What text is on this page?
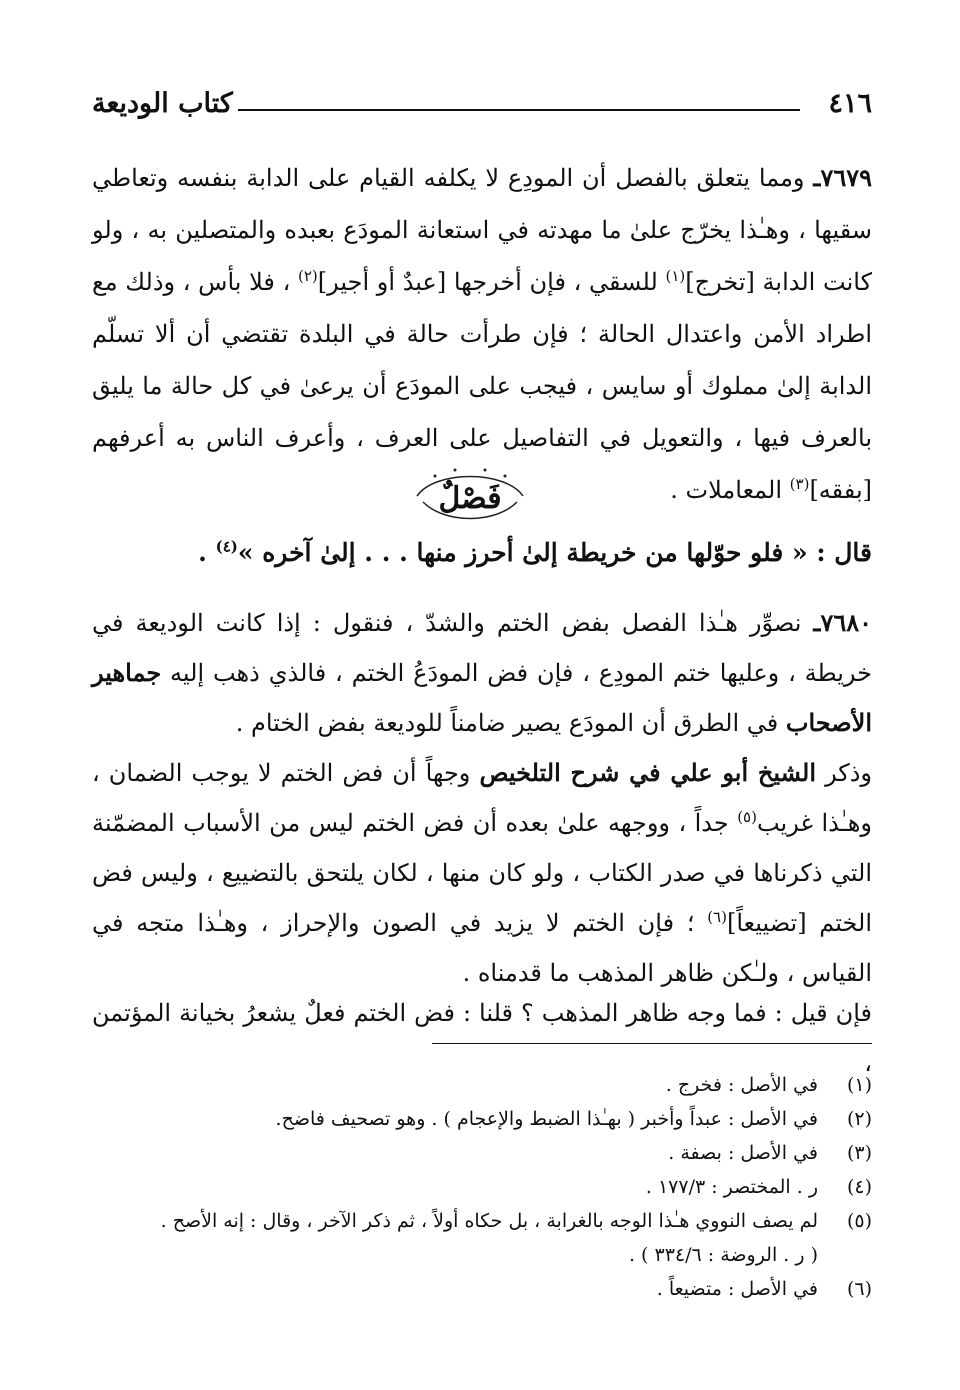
٤١٦
كتاب الوديعة
٧٦٧٩ـ ومما يتعلق بالفصل أن المودِع لا يكلفه القيام على الدابة بنفسه وتعاطي سقيها ، وهـٰذا يخرّج علىٰ ما مهدته في استعانة المودَع بعبده والمتصلين به ، ولو كانت الدابة [تخرج]$^{(١)}$ للسقي ، فإن أخرجها [عبدٌ أو أجير]$^{(٢)}$ ، فلا بأس ، وذلك مع اطراد الأمن واعتدال الحالة ؛ فإن طرأت حالة في البلدة تقتضي أن ألا تسلّم الدابة إلىٰ مملوك أو سايس ، فيجب على المودَع أن يرعىٰ في كل حالة ما يليق بالعرف فيها ، والتعويل في التفاصيل على العرف ، وأعرف الناس به أعرفهم [بفقه]$^{(٣)}$ المعاملات .
فَصْلٌ
قال : « فلو حوّلها من خريطة إلىٰ أحرز منها . . . إلىٰ آخره »$^{(٤)}$ .
٧٦٨٠ـ نصوِّر هـٰذا الفصل بفض الختم والشدّ ، فنقول : إذا كانت الوديعة في خريطة ، وعليها ختم المودِع ، فإن فض المودَعُ الختم ، فالذي ذهب إليه جماهير الأصحاب في الطرق أن المودَع يصير ضامناً للوديعة بفض الختام .
وذكر الشيخ أبو علي في شرح التلخيص وجهاً أن فض الختم لا يوجب الضمان ، وهـٰذا غريب$^{(٥)}$ جداً ، ووجهه علىٰ بعده أن فض الختم ليس من الأسباب المضمّنة التي ذكرناها في صدر الكتاب ، ولو كان منها ، لكان يلتحق بالتضييع ، وليس فض الختم [تضييعاً]$^{(٦)}$ ؛ فإن الختم لا يزيد في الصون والإحراز ، وهـٰذا متجه في القياس ، ولـٰكن ظاهر المذهب ما قدمناه .
فإن قيل : فما وجه ظاهر المذهب ؟ قلنا : فض الختم فعلٌ يشعرُ بخيانة المؤتمن ،
(١)
في الأصل : فخرج .
(٢)
في الأصل : عبداً وأخبر ( بهـٰذا الضبط والإعجام ) . وهو تصحيف فاضح.
(٣)
في الأصل : بصفة .
(٤)
ر . المختصر : ١٧٧/٣ .
(٥)
لم يصف النووي هـٰذا الوجه بالغرابة ، بل حكاه أولاً ، ثم ذكر الآخر ، وقال : إنه الأصح .
( ر . الروضة : ٣٣٤/٦ ) .
(٦)
في الأصل : متضيعاً .
